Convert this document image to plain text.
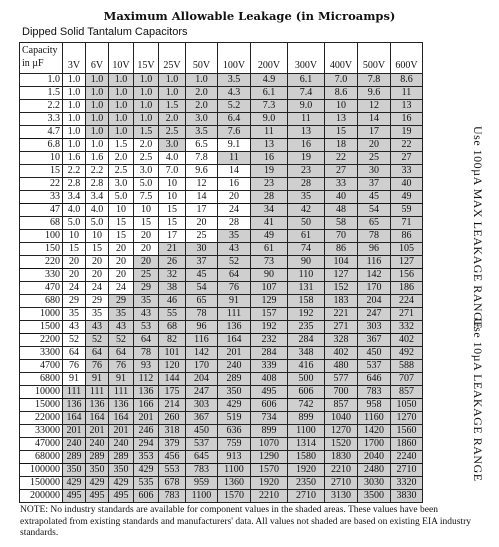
Maximum Allowable Leakage (in Microamps)
Dipped Solid Tantalum Capacitors
Capacity
in µF	3V	6V	10V	15V	25V	50V	100V	200V	300V	400V	500V	600V
1.0	1.0	1.0	1.0	1.0	1.0	1.0	3.5	4.9	6.1	7.0	7.8	8.6
1.5	1.0	1.0	1.0	1.0	1.0	2.0	4.3	6.1	7.4	8.6	9.6	11
2.2	1.0	1.0	1.0	1.0	1.5	2.0	5.2	7.3	9.0	10	12	13
3.3	1.0	1.0	1.0	1.0	2.0	3.0	6.4	9.0	11	13	14	16
4.7	1.0	1.0	1.0	1.5	2.5	3.5	7.6	11	13	15	17	19
6.8	1.0	1.0	1.5	2.0	3.0	6.5	9.1	13	16	18	20	22
10	1.6	1.6	2.0	2.5	4.0	7.8	11	16	19	22	25	27
15	2.2	2.2	2.5	3.0	7.0	9.6	14	19	23	27	30	33
22	2.8	2.8	3.0	5.0	10	12	16	23	28	33	37	40
33	3.4	3.4	5.0	7.5	10	14	20	28	35	40	45	49
47	4.0	4.0	10	10	15	17	24	34	42	48	54	59
68	5.0	5.0	15	15	15	20	28	41	50	58	65	71
100	10	10	15	20	17	25	35	49	61	70	78	86
150	15	15	20	20	21	30	43	61	74	86	96	105
220	20	20	20	20	26	37	52	73	90	104	116	127
330	20	20	20	25	32	45	64	90	110	127	142	156
470	24	24	24	29	38	54	76	107	131	152	170	186
680	29	29	29	35	46	65	91	129	158	183	204	224
1000	35	35	35	43	55	78	111	157	192	221	247	271
1500	43	43	43	53	68	96	136	192	235	271	303	332
2200	52	52	52	64	82	116	164	232	284	328	367	402
3300	64	64	64	78	101	142	201	284	348	402	450	492
4700	76	76	76	93	120	170	240	339	416	480	537	588
6800	91	91	91	112	144	204	289	408	500	577	646	707
10000	111	111	111	136	175	247	350	495	606	700	783	857
15000	136	136	136	166	214	303	429	606	742	857	958	1050
22000	164	164	164	201	260	367	519	734	899	1040	1160	1270
33000	201	201	201	246	318	450	636	899	1100	1270	1420	1560
47000	240	240	240	294	379	537	759	1070	1314	1520	1700	1860
68000	289	289	289	353	456	645	913	1290	1580	1830	2040	2240
100000	350	350	350	429	553	783	1100	1570	1920	2210	2480	2710
150000	429	429	429	535	678	959	1360	1920	2350	2710	3030	3320
200000	495	495	495	606	783	1100	1570	2210	2710	3130	3500	3830
Use 100µA MAX LEAKAGE RANGE
Use 10µA LEAKAGE RANGE
NOTE: No industry standards are available for component values in the shaded areas. These values have been extrapolated from existing standards and manufacturers' data. All values not shaded are based on existing EIA industry standards.
